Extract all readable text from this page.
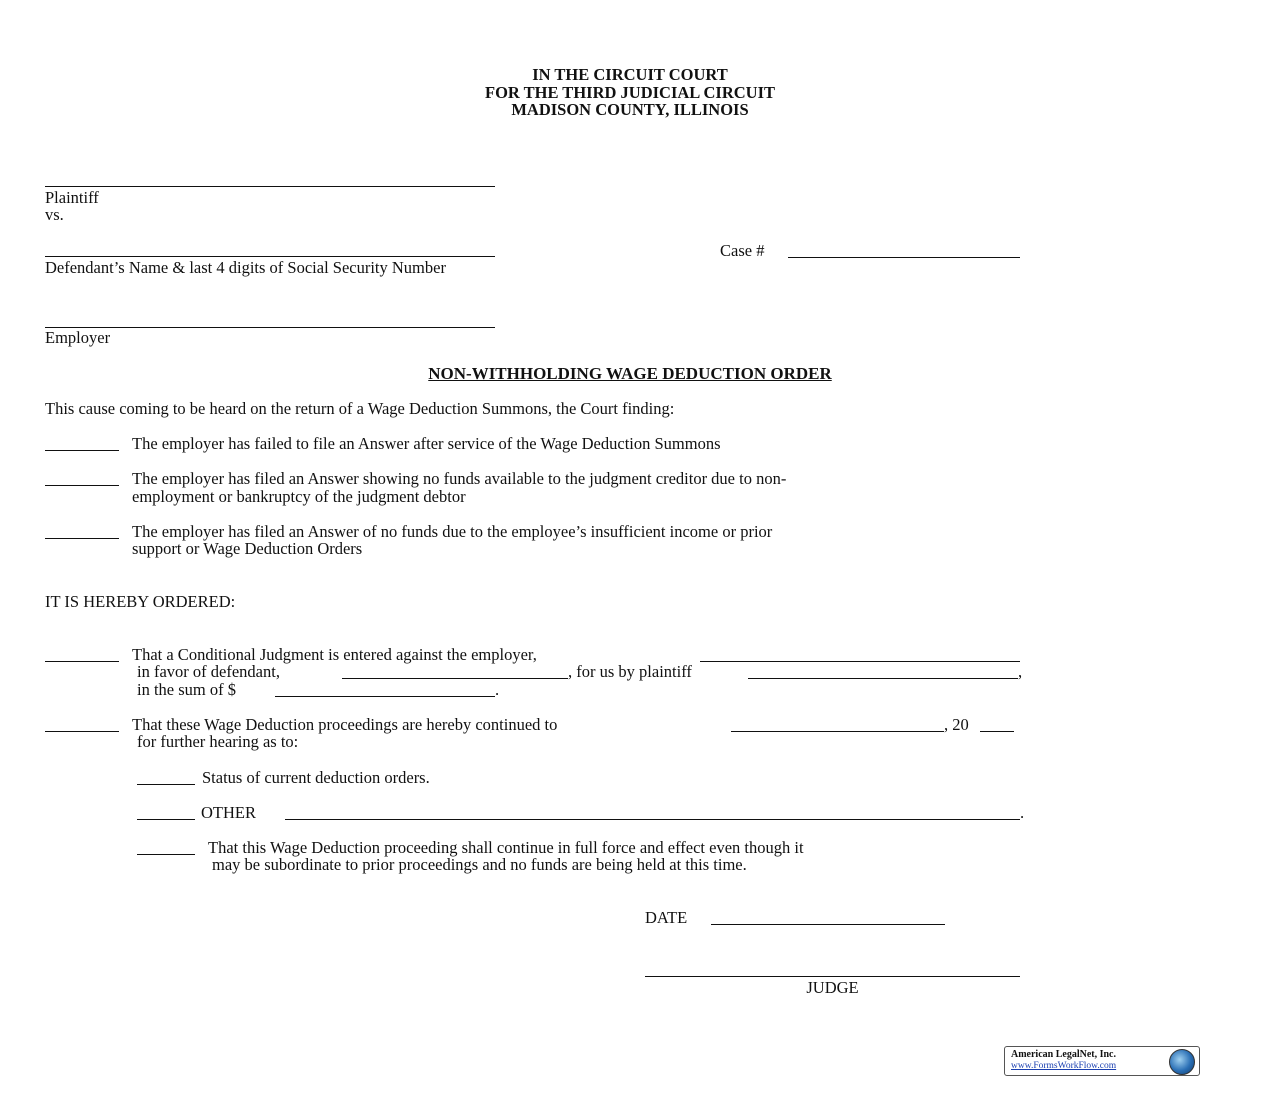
IN THE CIRCUIT COURT
FOR THE THIRD JUDICIAL CIRCUIT
MADISON COUNTY, ILLINOIS
Plaintiff
vs.
Case #
Defendant’s Name & last 4 digits of Social Security Number
Employer
NON-WITHHOLDING WAGE DEDUCTION ORDER
This cause coming to be heard on the return of a Wage Deduction Summons, the Court finding:
The employer has failed to file an Answer after service of the Wage Deduction Summons
The employer has filed an Answer showing no funds available to the judgment creditor due to non-
employment or bankruptcy of the judgment debtor
The employer has filed an Answer of no funds due to the employee’s insufficient income or prior
support or Wage Deduction Orders
IT IS HEREBY ORDERED:
That a Conditional Judgment is entered against the employer,
in favor of defendant,	, for us by plaintiff	,
in the sum of $	.
That these Wage Deduction proceedings are hereby continued to	, 20
for further hearing as to:
Status of current deduction orders.
OTHER	.
That this Wage Deduction proceeding shall continue in full force and effect even though it
may be subordinate to prior proceedings and no funds are being held at this time.
DATE
JUDGE
American LegalNet, Inc.
www.FormsWorkFlow.com
